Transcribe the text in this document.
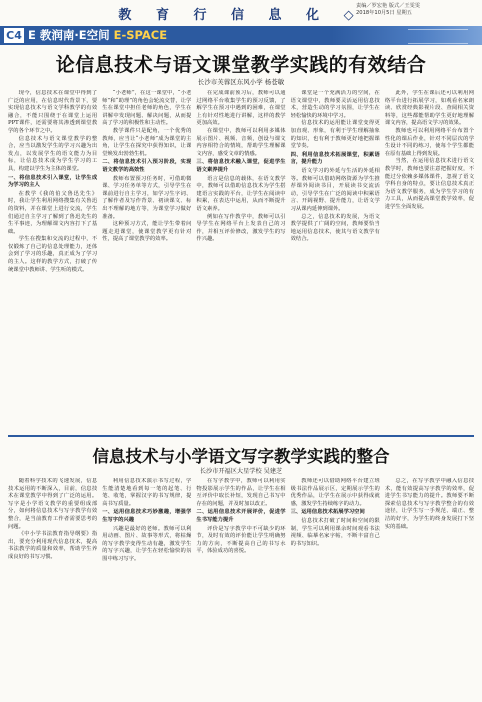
教 育 行 信 息 化 ◇
责编／罗宏艳 版式／王雯雯
2018年10月5日 星期五
C4 E 教润南·E空间 E-SPACE
论信息技术与语文课堂教学实践的有效结合
长沙市芙蓉区东风小学 杨苍敏

现今，信息技术在课堂中得到了广泛的应用，在信息时代背景下，要实现信息技术与语文学科教学的有效融合，不能只围绕于在课堂上运用PPT课件，还需要将其渗透到课堂教学的各个环节之中。

信息技术与语文课堂教学的整合，应当以激发学生的学习兴趣为出发点，以发展学生的语文能力为目标，让信息技术成为学生学习的工具，构建以学生为主体的课堂。

一、将信息技术引入课堂，让学生成为学习的主人

在教学《我的伯父鲁迅先生》时，我让学生利用网络搜集有关鲁迅的资料，并在课堂上进行交流，学生们通过自主学习了解到了鲁迅先生的生平事迹，为理解课文内容打下了基础。

学生在搜集和交流的过程中，不仅锻炼了自己的信息处理能力，还体会到了学习的乐趣，真正成为了学习的主人。这样的教学方式，打破了传统课堂中教师讲、学生听的模式。

“小老师”，在这一课堂中，“小老师”和“助理”的角色会轮流交替，让学生在课堂中担任老师的角色，学生在讲解中发现问题、解决问题，从而提高了学习的积极性和主动性。

教学课件只是配角，一个优秀的教师，应当让“小老师”成为课堂的主角，让学生在探究中获得知识，让课堂焕发出勃勃生机。

二、将信息技术引入预习阶段，实现语文教学的高效性

教师布置预习任务时，可借助微课、学习任务单等方式，引导学生在课前进行自主学习，如学习生字词、了解作者及写作背景、初读课文、标出不理解的地方等，为课堂学习做好准备。

这种预习方式，能让学生带着问题走进课堂，使课堂教学更有针对性，提高了课堂教学的效率。

在完成课前预习后，教师可以通过网络平台收集学生的预习反馈，了解学生在预习中遇到的困难，在课堂上有针对性地进行讲解，这样的教学更加高效。

在课堂中，教师可以利用多媒体展示图片、视频、音频，创设与课文内容相符合的情境，帮助学生理解课文内容，感受文章的情感。

三、将信息技术融入课堂，促进学生语文素养提升

语言是信息的载体，在语文教学中，教师可以借助信息技术为学生搭建语言实践的平台，让学生在阅读中积累，在表达中运用，从而不断提升语文素养。

例如在写作教学中，教师可以引导学生在网络平台上发表自己的习作，并相互评价修改，激发学生的写作兴趣。

课堂是一个充满活力的空间，在语文课堂中，教师要灵活运用信息技术，营造生动的学习氛围，让学生在轻松愉快的环境中学习。

信息技术的运用能让课堂变得更加直观、形象，有利于学生理解抽象的知识，也有利于教师更好地把握课堂节奏。

四、利用信息技术拓展课堂，积累语言，提升能力

语文学习的外延与生活的外延相等。教师可以借助网络资源为学生推荐课外阅读书目，开展读书交流活动，引导学生在广泛的阅读中积累语言、开阔视野、提升能力，让语文学习从课内延伸到课外。

总之，信息技术的发展，为语文教学提供了广阔的空间，教师要恰当地运用信息技术，使其与语文教学有效结合。

此外，学生在课后还可以利用网络平台进行拓展学习，如观看名家朗读、欣赏经典影视片段、查阅相关资料等，这些都能帮助学生更好地理解课文内容，提高语文学习的效果。

教师也可以利用网络平台布置个性化的课后作业，针对不同层次的学生设计不同的练习，使每个学生都能在原有基础上得到发展。

当然，在运用信息技术进行语文教学时，教师也要注意把握好度，不能过分依赖多媒体课件，忽视了语文学科自身的特点，要让信息技术真正为语文教学服务，成为学生学习的有力工具，从而提高课堂教学效率，促进学生全面发展。

信息技术与小学语文写字教学实践的整合
长沙市开福区大星学校 吴建芝

随着科学技术的飞速发展，信息技术运用的不断深入，目前，信息技术在课堂教学中得到了广泛的运用。写字是小学语文教学的重要组成部分，如何将信息技术与写字教学有效整合，是当前教育工作者需要思考的问题。

《中小学书法教育指导纲要》指出，要充分利用现代信息技术，提高书法教学的质量和效率，帮助学生养成良好的书写习惯。

利用信息技术演示书写过程，学生能清楚地看到每一笔的起笔、行笔、收笔，掌握汉字的书写规律，提高书写质量。

一、运用信息技术巧妙激趣，增强学生写字的兴趣

兴趣是最好的老师。教师可以利用动画、图片、故事等形式，将枯燥的写字教学变得生动有趣，激发学生的写字兴趣，让学生在轻松愉快的氛围中练习写字。

在写字教学中，教师可以利用实物投影展示学生的作品，让学生在相互评价中取长补短，发现自己书写中存在的问题，并及时加以改正。

二、运用信息技术开展评价，促进学生书写能力提升

评价是写字教学中不可缺少的环节，及时有效的评价能让学生明确努力的方向，不断提高自己的书写水平，体验成功的喜悦。

教师还可以借助网络平台建立班级书法作品展示区，定期展示学生的优秀作品，让学生在展示中获得成就感，激发学生持续练字的动力。

三、运用信息技术拓展学习空间

信息技术打破了时间和空间的限制，学生可以利用课余时间观看书法视频、临摹名家字帖，不断丰富自己的书写知识。

总之，在写字教学中融入信息技术，能有效提高写字教学的效率，促进学生书写能力的提升。教师要不断探索信息技术与写字教学整合的有效途径，让学生写一手规范、端正、整洁的好字，为学生的终身发展打下坚实的基础。
